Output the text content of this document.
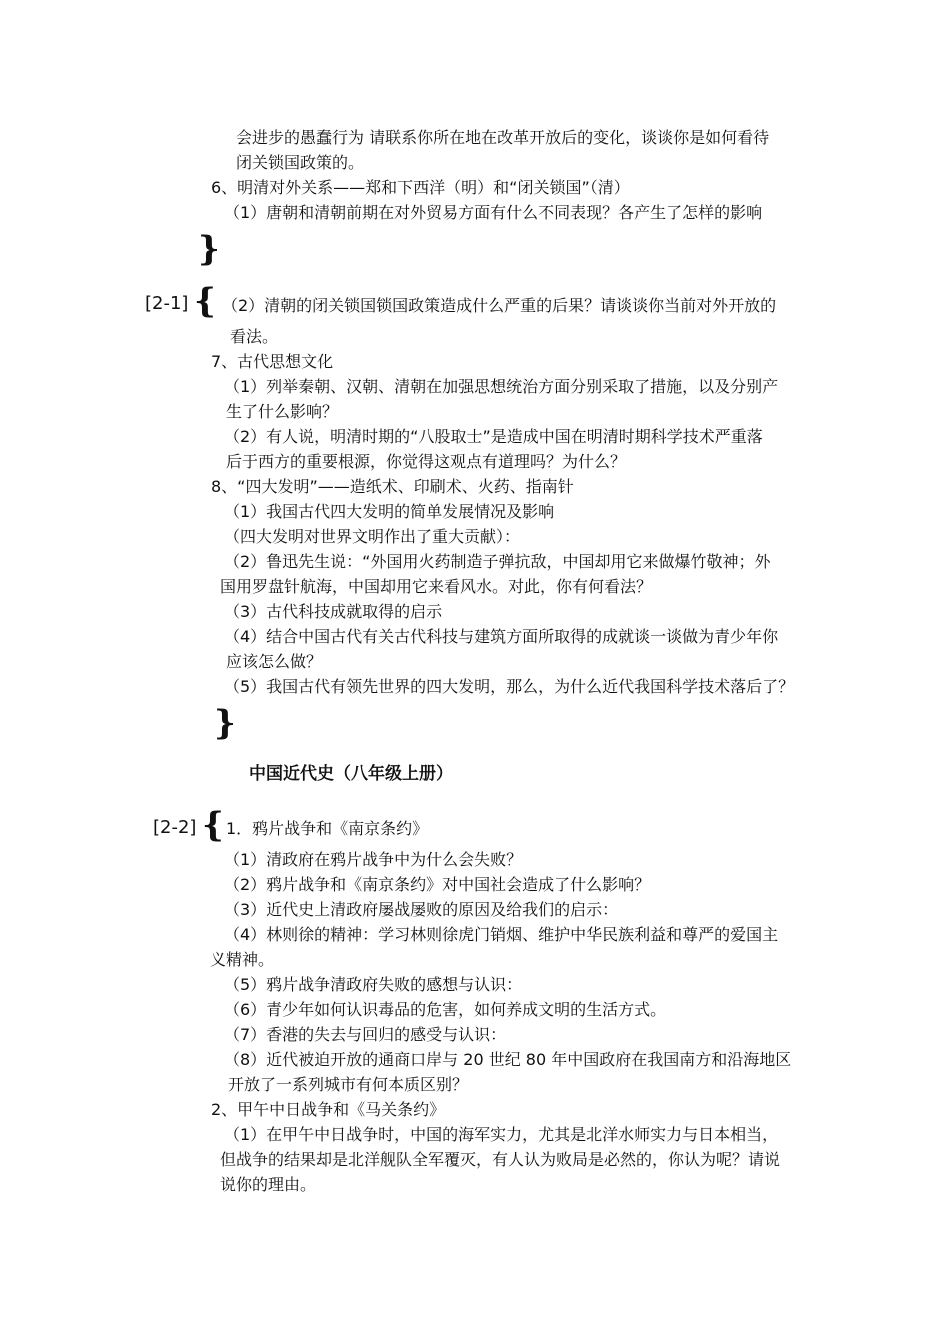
会进步的愚蠢行为 请联系你所在地在改革开放后的变化，谈谈你是如何看待
闭关锁国政策的。
6、明清对外关系——郑和下西洋（明）和“闭关锁国”（清）
（1）唐朝和清朝前期在对外贸易方面有什么不同表现？各产生了怎样的影响
}
[2-1] { （2）清朝的闭关锁国锁国政策造成什么严重的后果？请谈谈你当前对外开放的
看法。
7、古代思想文化
（1）列举秦朝、汉朝、清朝在加强思想统治方面分别采取了措施，以及分别产
生了什么影响？
（2）有人说，明清时期的“八股取士”是造成中国在明清时期科学技术严重落
后于西方的重要根源，你觉得这观点有道理吗？为什么？
8、“四大发明”——造纸术、印刷术、火药、指南针
（1）我国古代四大发明的简单发展情况及影响
（四大发明对世界文明作出了重大贡献）：
（2）鲁迅先生说：“外国用火药制造子弹抗敌，中国却用它来做爆竹敬神；外
国用罗盘针航海，中国却用它来看风水。对此，你有何看法？
（3）古代科技成就取得的启示
（4）结合中国古代有关古代科技与建筑方面所取得的成就谈一谈做为青少年你
应该怎么做？
（5）我国古代有领先世界的四大发明，那么，为什么近代我国科学技术落后了？
}
中国近代史（八年级上册）
[2-2] { 1．鸦片战争和《南京条约》
（1）清政府在鸦片战争中为什么会失败？
（2）鸦片战争和《南京条约》对中国社会造成了什么影响？
（3）近代史上清政府屡战屡败的原因及给我们的启示：
（4）林则徐的精神：学习林则徐虎门销烟、维护中华民族利益和尊严的爱国主
义精神。
（5）鸦片战争清政府失败的感想与认识：
（6）青少年如何认识毒品的危害，如何养成文明的生活方式。
（7）香港的失去与回归的感受与认识：
（8）近代被迫开放的通商口岸与 20 世纪 80 年中国政府在我国南方和沿海地区
开放了一系列城市有何本质区别？
2、甲午中日战争和《马关条约》
（1）在甲午中日战争时，中国的海军实力，尤其是北洋水师实力与日本相当，
但战争的结果却是北洋舰队全军覆灭，有人认为败局是必然的，你认为呢？请说
说你的理由。
